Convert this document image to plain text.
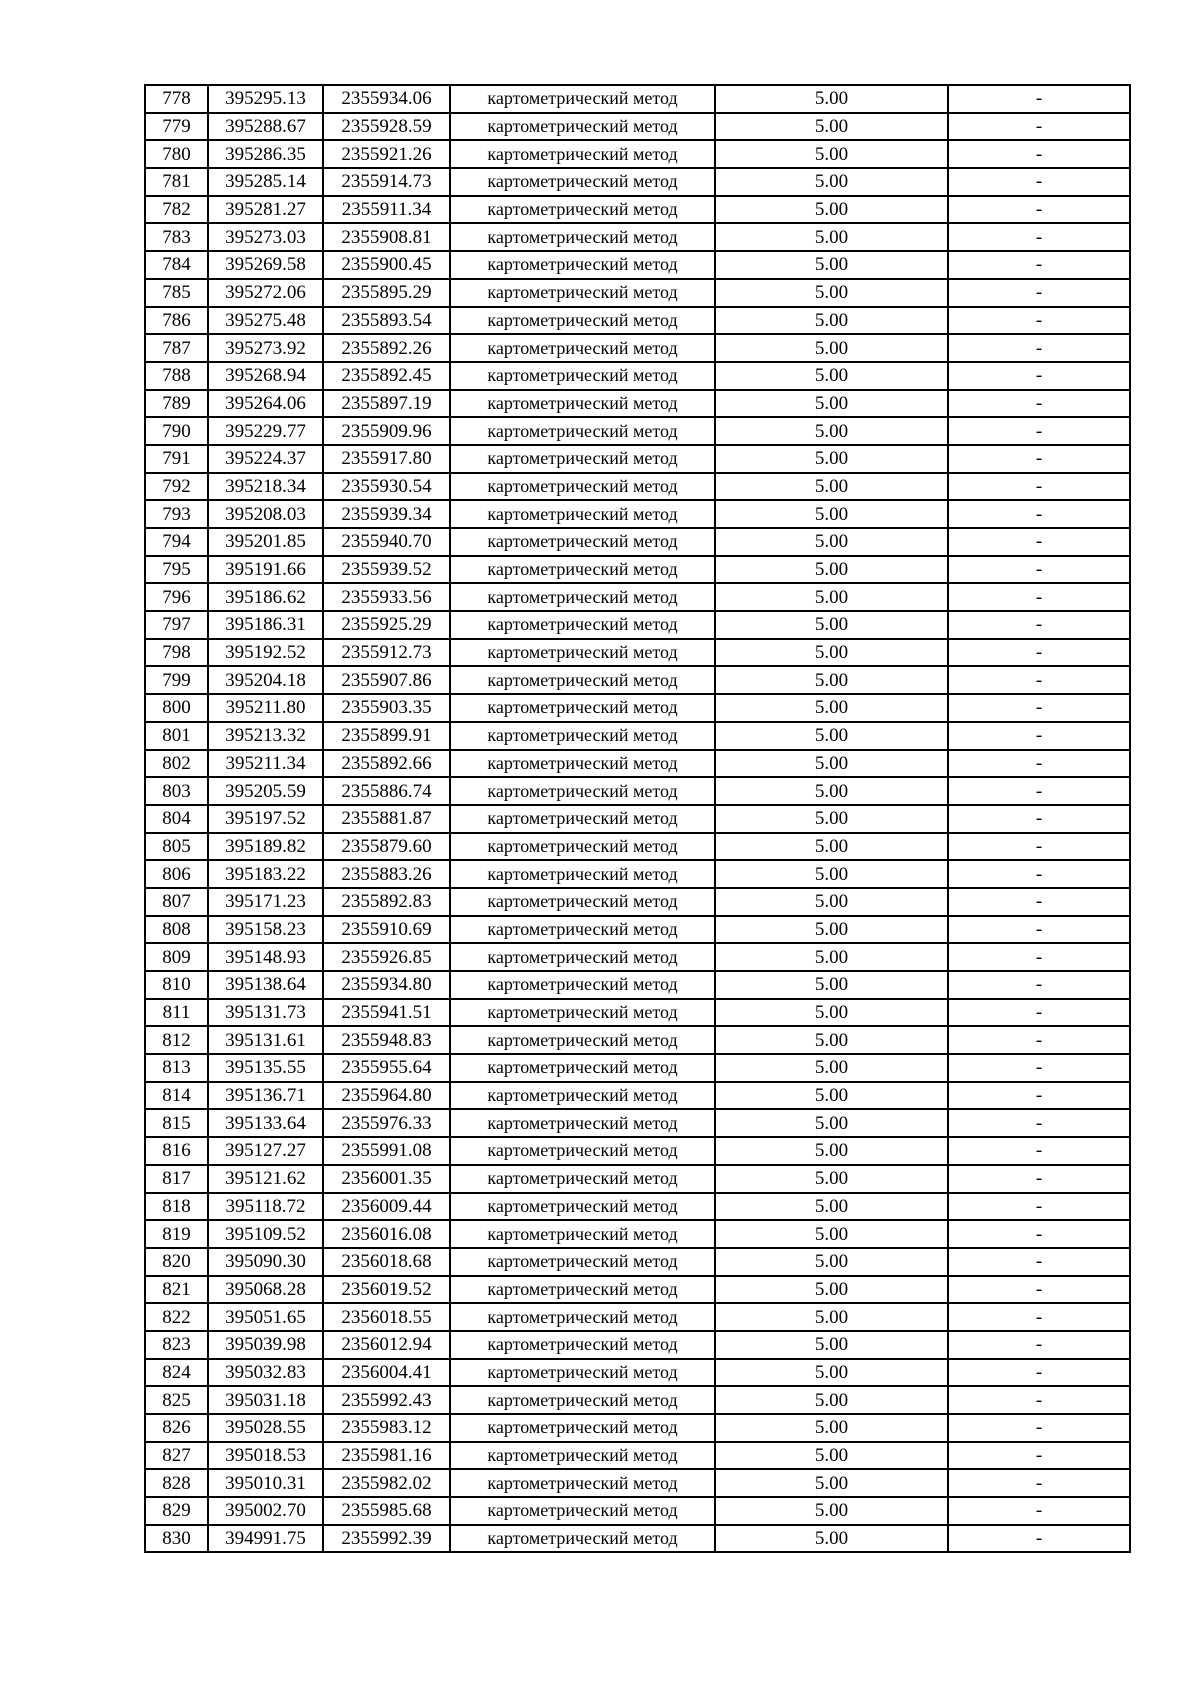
778	395295.13	2355934.06	картометрический метод	5.00	-
779	395288.67	2355928.59	картометрический метод	5.00	-
780	395286.35	2355921.26	картометрический метод	5.00	-
781	395285.14	2355914.73	картометрический метод	5.00	-
782	395281.27	2355911.34	картометрический метод	5.00	-
783	395273.03	2355908.81	картометрический метод	5.00	-
784	395269.58	2355900.45	картометрический метод	5.00	-
785	395272.06	2355895.29	картометрический метод	5.00	-
786	395275.48	2355893.54	картометрический метод	5.00	-
787	395273.92	2355892.26	картометрический метод	5.00	-
788	395268.94	2355892.45	картометрический метод	5.00	-
789	395264.06	2355897.19	картометрический метод	5.00	-
790	395229.77	2355909.96	картометрический метод	5.00	-
791	395224.37	2355917.80	картометрический метод	5.00	-
792	395218.34	2355930.54	картометрический метод	5.00	-
793	395208.03	2355939.34	картометрический метод	5.00	-
794	395201.85	2355940.70	картометрический метод	5.00	-
795	395191.66	2355939.52	картометрический метод	5.00	-
796	395186.62	2355933.56	картометрический метод	5.00	-
797	395186.31	2355925.29	картометрический метод	5.00	-
798	395192.52	2355912.73	картометрический метод	5.00	-
799	395204.18	2355907.86	картометрический метод	5.00	-
800	395211.80	2355903.35	картометрический метод	5.00	-
801	395213.32	2355899.91	картометрический метод	5.00	-
802	395211.34	2355892.66	картометрический метод	5.00	-
803	395205.59	2355886.74	картометрический метод	5.00	-
804	395197.52	2355881.87	картометрический метод	5.00	-
805	395189.82	2355879.60	картометрический метод	5.00	-
806	395183.22	2355883.26	картометрический метод	5.00	-
807	395171.23	2355892.83	картометрический метод	5.00	-
808	395158.23	2355910.69	картометрический метод	5.00	-
809	395148.93	2355926.85	картометрический метод	5.00	-
810	395138.64	2355934.80	картометрический метод	5.00	-
811	395131.73	2355941.51	картометрический метод	5.00	-
812	395131.61	2355948.83	картометрический метод	5.00	-
813	395135.55	2355955.64	картометрический метод	5.00	-
814	395136.71	2355964.80	картометрический метод	5.00	-
815	395133.64	2355976.33	картометрический метод	5.00	-
816	395127.27	2355991.08	картометрический метод	5.00	-
817	395121.62	2356001.35	картометрический метод	5.00	-
818	395118.72	2356009.44	картометрический метод	5.00	-
819	395109.52	2356016.08	картометрический метод	5.00	-
820	395090.30	2356018.68	картометрический метод	5.00	-
821	395068.28	2356019.52	картометрический метод	5.00	-
822	395051.65	2356018.55	картометрический метод	5.00	-
823	395039.98	2356012.94	картометрический метод	5.00	-
824	395032.83	2356004.41	картометрический метод	5.00	-
825	395031.18	2355992.43	картометрический метод	5.00	-
826	395028.55	2355983.12	картометрический метод	5.00	-
827	395018.53	2355981.16	картометрический метод	5.00	-
828	395010.31	2355982.02	картометрический метод	5.00	-
829	395002.70	2355985.68	картометрический метод	5.00	-
830	394991.75	2355992.39	картометрический метод	5.00	-
